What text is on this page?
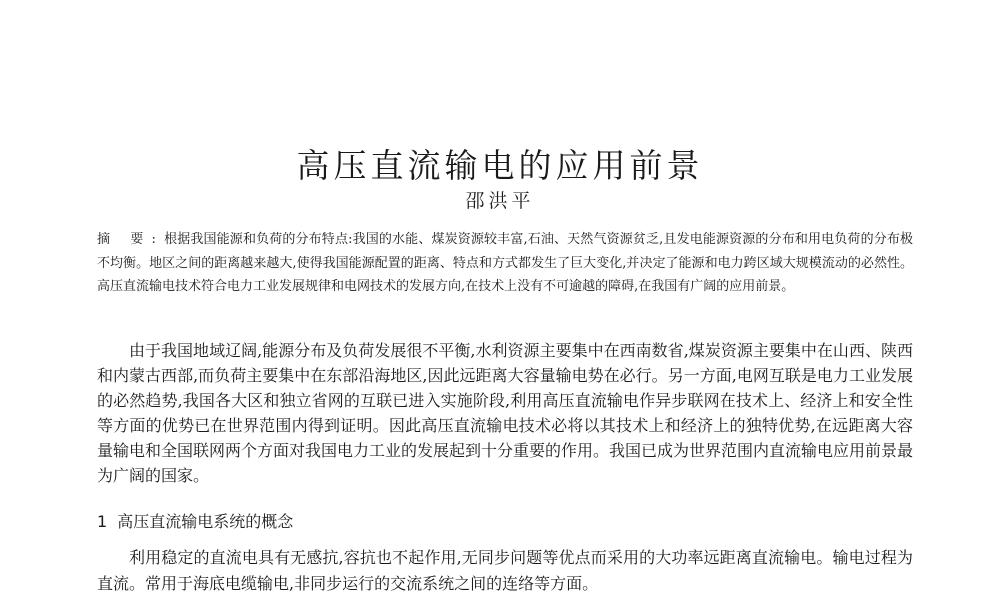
高压直流输电的应用前景
邵洪平

摘 要:根据我国能源和负荷的分布特点:我国的水能、煤炭资源较丰富,石油、天然气资源贫乏,且发电能源资源的分布和用电负荷的分布极不均衡。地区之间的距离越来越大,使得我国能源配置的距离、特点和方式都发生了巨大变化,并决定了能源和电力跨区域大规模流动的必然性。高压直流输电技术符合电力工业发展规律和电网技术的发展方向,在技术上没有不可逾越的障碍,在我国有广阔的应用前景。

由于我国地域辽阔,能源分布及负荷发展很不平衡,水利资源主要集中在西南数省,煤炭资源主要集中在山西、陕西和内蒙古西部,而负荷主要集中在东部沿海地区,因此远距离大容量输电势在必行。另一方面,电网互联是电力工业发展的必然趋势,我国各大区和独立省网的互联已进入实施阶段,利用高压直流输电作异步联网在技术上、经济上和安全性等方面的优势已在世界范围内得到证明。因此高压直流输电技术必将以其技术上和经济上的独特优势,在远距离大容量输电和全国联网两个方面对我国电力工业的发展起到十分重要的作用。我国已成为世界范围内直流输电应用前景最为广阔的国家。

1 高压直流输电系统的概念

利用稳定的直流电具有无感抗,容抗也不起作用,无同步问题等优点而采用的大功率远距离直流输电。输电过程为直流。常用于海底电缆输电,非同步运行的交流系统之间的连络等方面。
